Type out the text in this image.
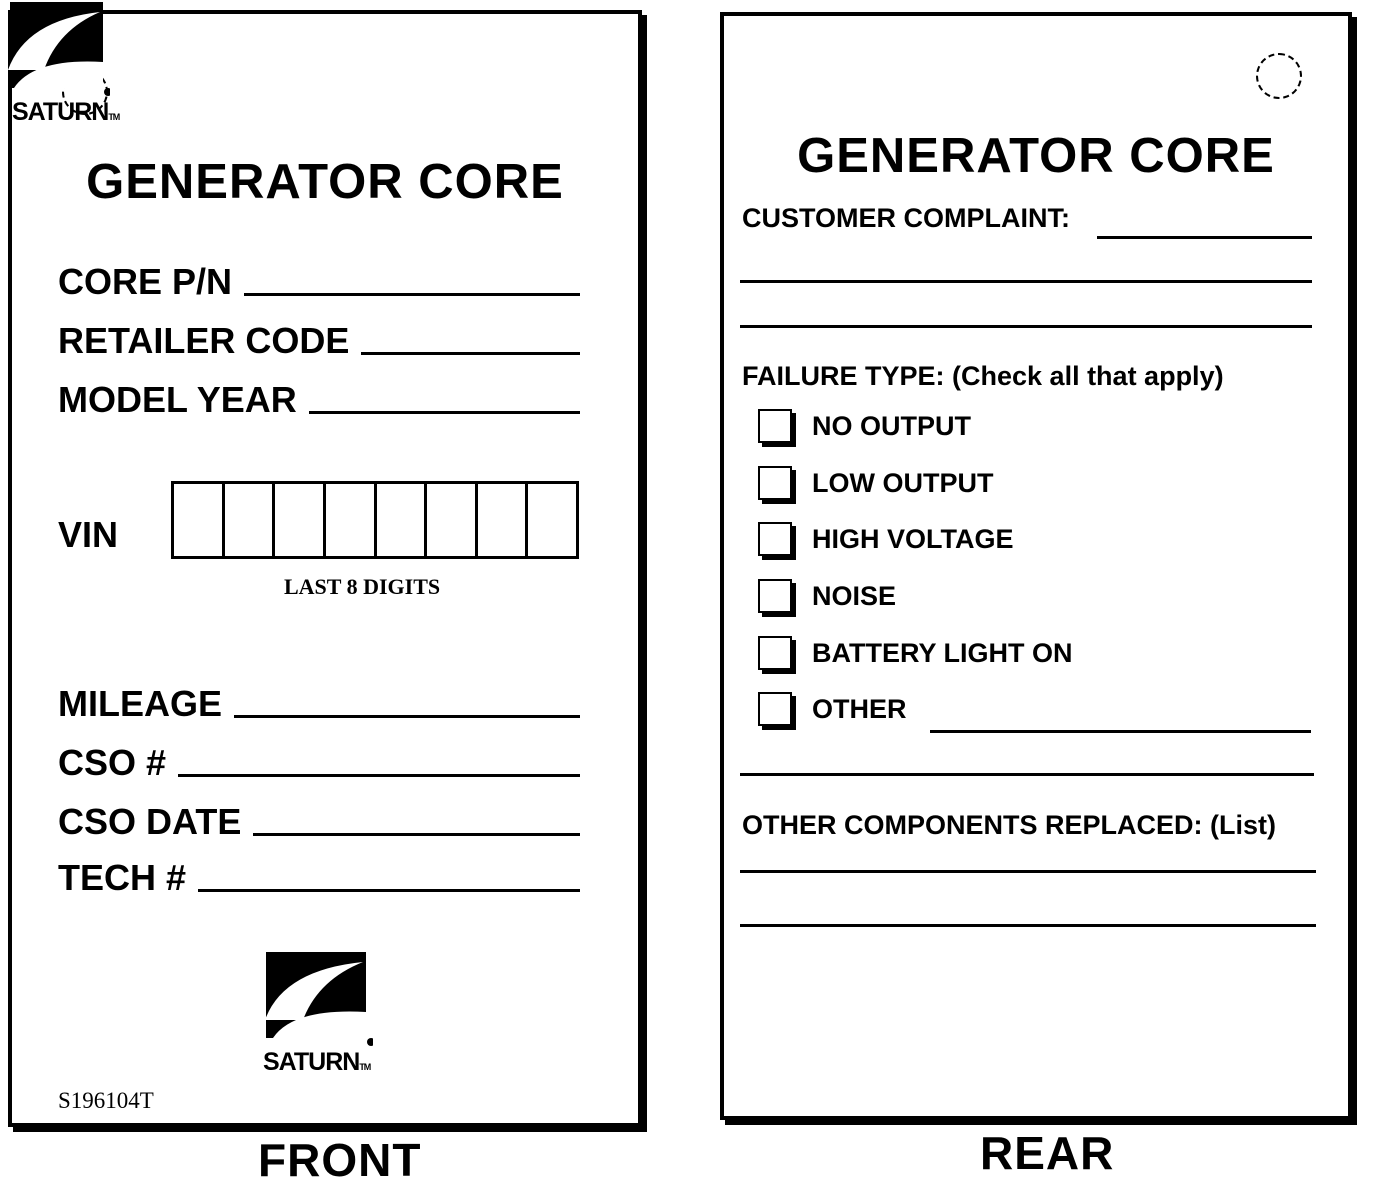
GENERATOR CORE
CORE P/N
RETAILER CODE
MODEL YEAR
VIN
LAST 8 DIGITS
MILEAGE
CSO #
CSO DATE
TECH #
S196104T
SATURNTM
FRONT
GENERATOR CORE
CUSTOMER COMPLAINT:
FAILURE TYPE: (Check all that apply)
NO OUTPUT
LOW OUTPUT
HIGH VOLTAGE
NOISE
BATTERY LIGHT ON
OTHER
OTHER COMPONENTS REPLACED: (List)
SATURNTM
REAR
